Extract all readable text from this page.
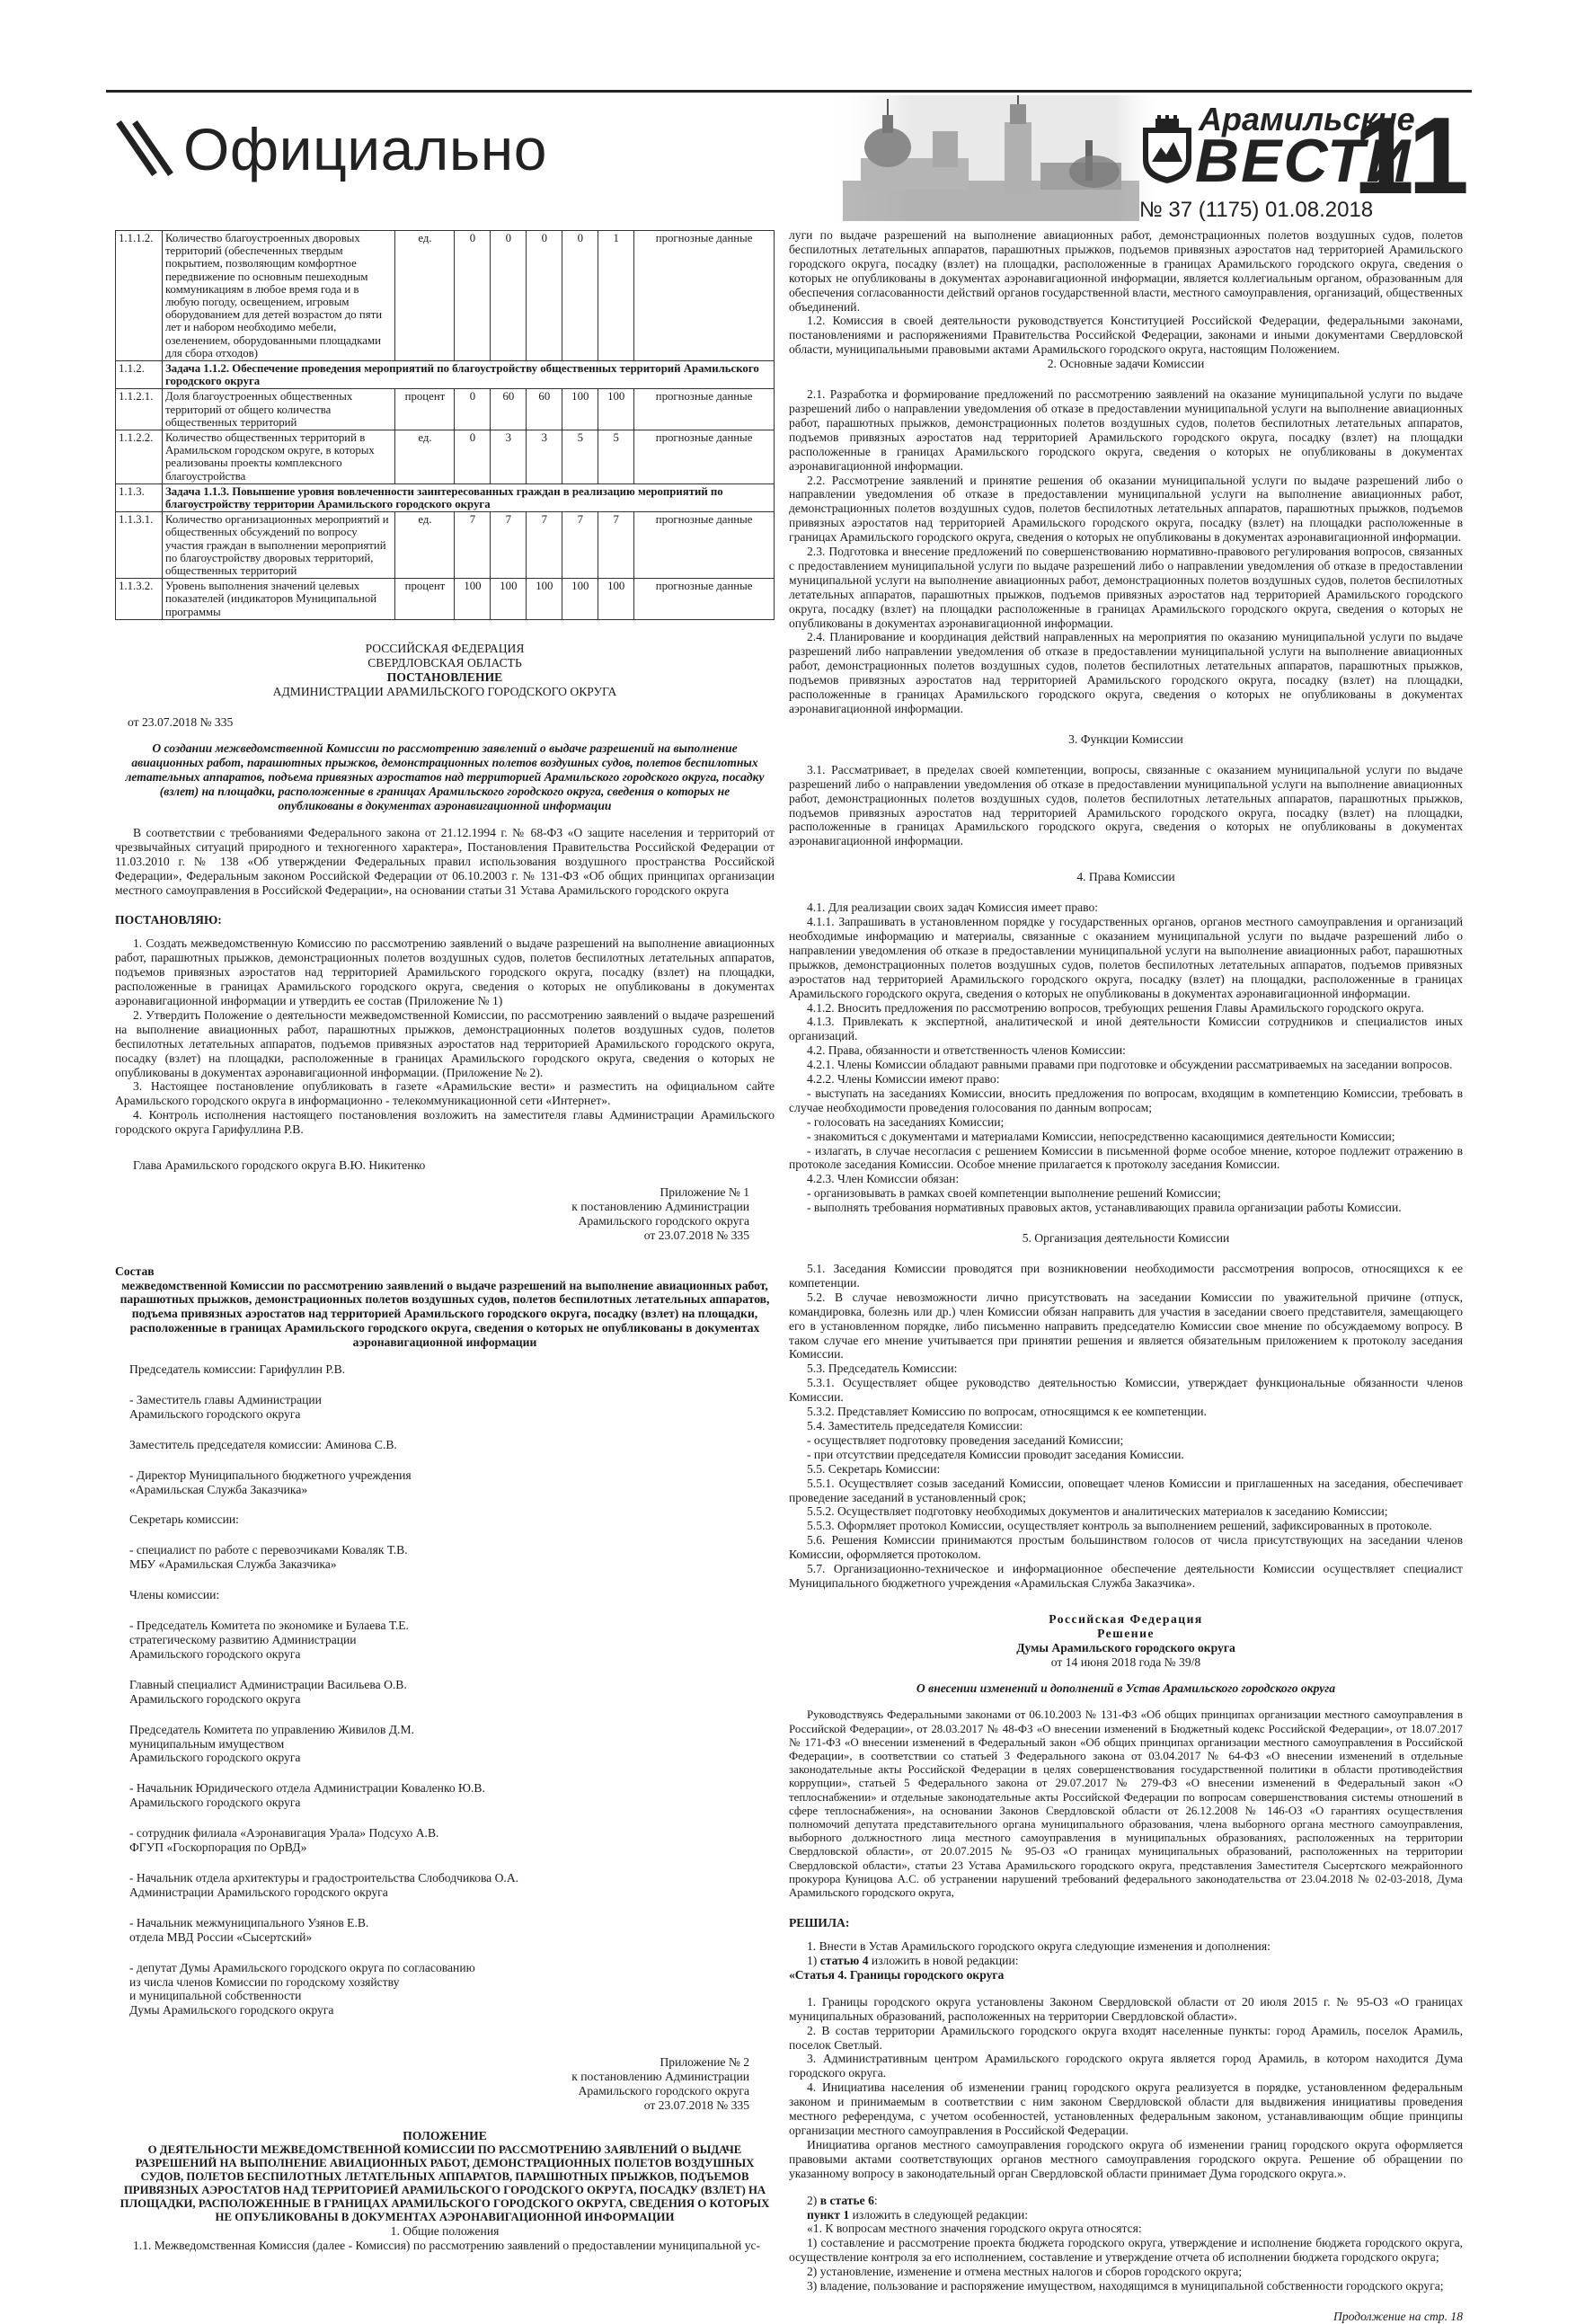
Официально	Арамильские
ВЕСТИ
№ 37 (1175) 01.08.2018
11
1.1.1.2.	Количество благоустроенных дворовых территорий (обеспеченных твердым покрытием, позволяющим комфортное передвижение по основным пешеходным коммуникациям в любое время года и в любую погоду, освещением, игровым оборудованием для детей возрастом до пяти лет и набором необходимо мебели, озеленением, оборудованными площадками для сбора отходов)	ед.	0	0	0	0	1	прогнозные данные
1.1.2.	Задача 1.1.2. Обеспечение проведения мероприятий по благоустройству общественных территорий Арамильского городского округа							
1.1.2.1.	Доля благоустроенных общественных территорий от общего количества общественных территорий	процент	0	60	60	100	100	прогнозные данные
1.1.2.2.	Количество общественных территорий в Арамильском городском округе, в которых реализованы проекты комплексного благоустройства	ед.	0	3	3	5	5	прогнозные данные
1.1.3.	Задача 1.1.3. Повышение уровня вовлеченности заинтересованных граждан в реализацию мероприятий по благоустройству территории Арамильского городского округа							
1.1.3.1.	Количество организационных мероприятий и общественных обсуждений по вопросу участия граждан в выполнении мероприятий по благоустройству дворовых территорий, общественных территорий	ед.	7	7	7	7	7	прогнозные данные
1.1.3.2.	Уровень выполнения значений целевых показателей (индикаторов Муниципальной программы	процент	100	100	100	100	100	прогнозные данные

РОССИЙСКАЯ ФЕДЕРАЦИЯ

СВЕРДЛОВСКАЯ ОБЛАСТЬ

ПОСТАНОВЛЕНИЕ

АДМИНИСТРАЦИИ АРАМИЛЬСКОГО ГОРОДСКОГО ОКРУГА

от 23.07.2018 № 335

О создании межведомственной Комиссии по рассмотрению заявлений о выдаче разрешений на выполнение авиационных работ, парашютных прыжков, демонстрационных полетов воздушных судов, полетов беспилотных летательных аппаратов, подъема привязных аэростатов над территорией Арамильского городского округа, посадку (взлет) на площадки, расположенные в границах Арамильского городского округа, сведения о которых не опубликованы в документах аэронавигационной информации

В соответствии с требованиями Федерального закона от 21.12.1994 г. № 68-ФЗ «О защите населения и территорий от чрезвычайных ситуаций природного и техногенного характера», Постановления Правительства Российской Федерации от 11.03.2010 г. № 138 «Об утверждении Федеральных правил использования воздушного пространства Российской Федерации», Федеральным законом Российской Федерации от 06.10.2003 г. № 131-ФЗ «Об общих принципах организации местного самоуправления в Российской Федерации», на основании статьи 31 Устава Арамильского городского округа

ПОСТАНОВЛЯЮ:

1. Создать межведомственную Комиссию по рассмотрению заявлений о выдаче разрешений на выполнение авиационных работ, парашютных прыжков, демонстрационных полетов воздушных судов, полетов беспилотных летательных аппаратов, подъемов привязных аэростатов над территорией Арамильского городского округа, посадку (взлет) на площадки, расположенные в границах Арамильского городского округа, сведения о которых не опубликованы в документах аэронавигационной информации и утвердить ее состав (Приложение № 1)

2. Утвердить Положение о деятельности межведомственной Комиссии, по рассмотрению заявлений о выдаче разрешений на выполнение авиационных работ, парашютных прыжков, демонстрационных полетов воздушных судов, полетов беспилотных летательных аппаратов, подъемов привязных аэростатов над территорией Арамильского городского округа, посадку (взлет) на площадки, расположенные в границах Арамильского городского округа, сведения о которых не опубликованы в документах аэронавигационной информации. (Приложение № 2).

3. Настоящее постановление опубликовать в газете «Арамильские вести» и разместить на официальном сайте Арамильского городского округа в информационно - телекоммуникационной сети «Интернет».

4. Контроль исполнения настоящего постановления возложить на заместителя главы Администрации Арамильского городского округа Гарифуллина Р.В.

Глава Арамильского городского округа В.Ю. Никитенко

Приложение № 1

к постановлению Администрации

Арамильского городского округа

от 23.07.2018 № 335

Состав

межведомственной Комиссии по рассмотрению заявлений о выдаче разрешений на выполнение авиационных работ, парашютных прыжков, демонстрационных полетов воздушных судов, полетов беспилотных летательных аппаратов, подъема привязных аэростатов над территорией Арамильского городского округа, посадку (взлет) на площадки, расположенные в границах Арамильского городского округа, сведения о которых не опубликованы в документах аэронавигационной информации

Председатель комиссии: Гарифуллин Р.В.

- Заместитель главы Администрации

Арамильского городского округа

Заместитель председателя комиссии: Аминова С.В.

- Директор Муниципального бюджетного учреждения

«Арамильская Служба Заказчика»

Секретарь комиссии:

- специалист по работе с перевозчиками Коваляк Т.В.

МБУ «Арамильская Служба Заказчика»

Члены комиссии:

- Председатель Комитета по экономике и Булаева Т.Е.

стратегическому развитию Администрации

Арамильского городского округа

Главный специалист Администрации Васильева О.В.

Арамильского городского округа

Председатель Комитета по управлению Живилов Д.М.

муниципальным имуществом

Арамильского городского округа

- Начальник Юридического отдела Администрации Коваленко Ю.В.

Арамильского городского округа

- сотрудник филиала «Аэронавигация Урала» Подсухо А.В.

ФГУП «Госкорпорация по ОрВД»

- Начальник отдела архитектуры и градостроительства Слободчикова О.А.

Администрации Арамильского городского округа

- Начальник межмуниципального Узянов Е.В.

отдела МВД России «Сысертский»

- депутат Думы Арамильского городского округа по согласованию

из числа членов Комиссии по городскому хозяйству

и муниципальной собственности

Думы Арамильского городского округа

Приложение № 2

к постановлению Администрации

Арамильского городского округа

от 23.07.2018 № 335

ПОЛОЖЕНИЕ

О ДЕЯТЕЛЬНОСТИ МЕЖВЕДОМСТВЕННОЙ КОМИССИИ ПО РАССМОТРЕНИЮ ЗАЯВЛЕНИЙ О ВЫДАЧЕ РАЗРЕШЕНИЙ НА ВЫПОЛНЕНИЕ АВИАЦИОННЫХ РАБОТ, ДЕМОНСТРАЦИОННЫХ ПОЛЕТОВ ВОЗДУШНЫХ СУДОВ, ПОЛЕТОВ БЕСПИЛОТНЫХ ЛЕТАТЕЛЬНЫХ АППАРАТОВ, ПАРАШЮТНЫХ ПРЫЖКОВ, ПОДЪЕМОВ ПРИВЯЗНЫХ АЭРОСТАТОВ НАД ТЕРРИТОРИЕЙ АРАМИЛЬСКОГО ГОРОДСКОГО ОКРУГА, ПОСАДКУ (ВЗЛЕТ) НА ПЛОЩАДКИ, РАСПОЛОЖЕННЫЕ В ГРАНИЦАХ АРАМИЛЬСКОГО ГОРОДСКОГО ОКРУГА, СВЕДЕНИЯ О КОТОРЫХ НЕ ОПУБЛИКОВАНЫ В ДОКУМЕНТАХ АЭРОНАВИГАЦИОННОЙ ИНФОРМАЦИИ

1. Общие положения

1.1. Межведомственная Комиссия (далее - Комиссия) по рассмотрению заявлений о предоставлении муниципальной ус-

луги по выдаче разрешений на выполнение авиационных работ, демонстрационных полетов воздушных судов, полетов беспилотных летательных аппаратов, парашютных прыжков, подъемов привязных аэростатов над территорией Арамильского городского округа, посадку (взлет) на площадки, расположенные в границах Арамильского городского округа, сведения о которых не опубликованы в документах аэронавигационной информации, является коллегиальным органом, образованным для обеспечения согласованности действий органов государственной власти, местного самоуправления, организаций, общественных объединений.

1.2. Комиссия в своей деятельности руководствуется Конституцией Российской Федерации, федеральными законами, постановлениями и распоряжениями Правительства Российской Федерации, законами и иными документами Свердловской области, муниципальными правовыми актами Арамильского городского округа, настоящим Положением.

2. Основные задачи Комиссии

2.1. Разработка и формирование предложений по рассмотрению заявлений на оказание муниципальной услуги по выдаче разрешений либо о направлении уведомления об отказе в предоставлении муниципальной услуги на выполнение авиационных работ, парашютных прыжков, демонстрационных полетов воздушных судов, полетов беспилотных летательных аппаратов, подъемов привязных аэростатов над территорией Арамильского городского округа, посадку (взлет) на площадки расположенные в границах Арамильского городского округа, сведения о которых не опубликованы в документах аэронавигационной информации.

2.2. Рассмотрение заявлений и принятие решения об оказании муниципальной услуги по выдаче разрешений либо о направлении уведомления об отказе в предоставлении муниципальной услуги на выполнение авиационных работ, демонстрационных полетов воздушных судов, полетов беспилотных летательных аппаратов, парашютных прыжков, подъемов привязных аэростатов над территорией Арамильского городского округа, посадку (взлет) на площадки расположенные в границах Арамильского городского округа, сведения о которых не опубликованы в документах аэронавигационной информации.

2.3. Подготовка и внесение предложений по совершенствованию нормативно-правового регулирования вопросов, связанных с предоставлением муниципальной услуги по выдаче разрешений либо о направлении уведомления об отказе в предоставлении муниципальной услуги на выполнение авиационных работ, демонстрационных полетов воздушных судов, полетов беспилотных летательных аппаратов, парашютных прыжков, подъемов привязных аэростатов над территорией Арамильского городского округа, посадку (взлет) на площадки расположенные в границах Арамильского городского округа, сведения о которых не опубликованы в документах аэронавигационной информации.

2.4. Планирование и координация действий направленных на мероприятия по оказанию муниципальной услуги по выдаче разрешений либо направлении уведомления об отказе в предоставлении муниципальной услуги на выполнение авиационных работ, демонстрационных полетов воздушных судов, полетов беспилотных летательных аппаратов, парашютных прыжков, подъемов привязных аэростатов над территорией Арамильского городского округа, посадку (взлет) на площадки, расположенные в границах Арамильского городского округа, сведения о которых не опубликованы в документах аэронавигационной информации.

3. Функции Комиссии

3.1. Рассматривает, в пределах своей компетенции, вопросы, связанные с оказанием муниципальной услуги по выдаче разрешений либо о направлении уведомления об отказе в предоставлении муниципальной услуги на выполнение авиационных работ, демонстрационных полетов воздушных судов, полетов беспилотных летательных аппаратов, парашютных прыжков, подъемов привязных аэростатов над территорией Арамильского городского округа, посадку (взлет) на площадки, расположенные в границах Арамильского городского округа, сведения о которых не опубликованы в документах аэронавигационной информации.

4. Права Комиссии

4.1. Для реализации своих задач Комиссия имеет право:

4.1.1. Запрашивать в установленном порядке у государственных органов, органов местного самоуправления и организаций необходимые информацию и материалы, связанные с оказанием муниципальной услуги по выдаче разрешений либо о направлении уведомления об отказе в предоставлении муниципальной услуги на выполнение авиационных работ, парашютных прыжков, демонстрационных полетов воздушных судов, полетов беспилотных летательных аппаратов, подъемов привязных аэростатов над территорией Арамильского городского округа, посадку (взлет) на площадки, расположенные в границах Арамильского городского округа, сведения о которых не опубликованы в документах аэронавигационной информации.

4.1.2. Вносить предложения по рассмотрению вопросов, требующих решения Главы Арамильского городского округа.

4.1.3. Привлекать к экспертной, аналитической и иной деятельности Комиссии сотрудников и специалистов иных организаций.

4.2. Права, обязанности и ответственность членов Комиссии:

4.2.1. Члены Комиссии обладают равными правами при подготовке и обсуждении рассматриваемых на заседании вопросов.

4.2.2. Члены Комиссии имеют право:

- выступать на заседаниях Комиссии, вносить предложения по вопросам, входящим в компетенцию Комиссии, требовать в случае необходимости проведения голосования по данным вопросам;

- голосовать на заседаниях Комиссии;

- знакомиться с документами и материалами Комиссии, непосредственно касающимися деятельности Комиссии;

- излагать, в случае несогласия с решением Комиссии в письменной форме особое мнение, которое подлежит отражению в протоколе заседания Комиссии. Особое мнение прилагается к протоколу заседания Комиссии.

4.2.3. Член Комиссии обязан:

- организовывать в рамках своей компетенции выполнение решений Комиссии;

- выполнять требования нормативных правовых актов, устанавливающих правила организации работы Комиссии.

5. Организация деятельности Комиссии

5.1. Заседания Комиссии проводятся при возникновении необходимости рассмотрения вопросов, относящихся к ее компетенции.

5.2. В случае невозможности лично присутствовать на заседании Комиссии по уважительной причине (отпуск, командировка, болезнь или др.) член Комиссии обязан направить для участия в заседании своего представителя, замещающего его в установленном порядке, либо письменно направить председателю Комиссии свое мнение по обсуждаемому вопросу. В таком случае его мнение учитывается при принятии решения и является обязательным приложением к протоколу заседания Комиссии.

5.3. Председатель Комиссии:

5.3.1. Осуществляет общее руководство деятельностью Комиссии, утверждает функциональные обязанности членов Комиссии.

5.3.2. Представляет Комиссию по вопросам, относящимся к ее компетенции.

5.4. Заместитель председателя Комиссии:

- осуществляет подготовку проведения заседаний Комиссии;

- при отсутствии председателя Комиссии проводит заседания Комиссии.

5.5. Секретарь Комиссии:

5.5.1. Осуществляет созыв заседаний Комиссии, оповещает членов Комиссии и приглашенных на заседания, обеспечивает проведение заседаний в установленный срок;

5.5.2. Осуществляет подготовку необходимых документов и аналитических материалов к заседанию Комиссии;

5.5.3. Оформляет протокол Комиссии, осуществляет контроль за выполнением решений, зафиксированных в протоколе.

5.6. Решения Комиссии принимаются простым большинством голосов от числа присутствующих на заседании членов Комиссии, оформляется протоколом.

5.7. Организационно-техническое и информационное обеспечение деятельности Комиссии осуществляет специалист Муниципального бюджетного учреждения «Арамильская Служба Заказчика».

Российская Федерация

Решение

Думы Арамильского городского округа

от 14 июня 2018 года № 39/8

О внесении изменений и дополнений в Устав Арамильского городского округа

Руководствуясь Федеральными законами от 06.10.2003 № 131-ФЗ «Об общих принципах организации местного самоуправления в Российской Федерации», от 28.03.2017 № 48-ФЗ «О внесении изменений в Бюджетный кодекс Российской Федерации», от 18.07.2017 № 171-ФЗ «О внесении изменений в Федеральный закон «Об общих принципах организации местного самоуправления в Российской Федерации», в соответствии со статьей 3 Федерального закона от 03.04.2017 № 64-ФЗ «О внесении изменений в отдельные законодательные акты Российской Федерации в целях совершенствования государственной политики в области противодействия коррупции», статьей 5 Федерального закона от 29.07.2017 № 279-ФЗ «О внесении изменений в Федеральный закон «О теплоснабжении» и отдельные законодательные акты Российской Федерации по вопросам совершенствования системы отношений в сфере теплоснабжения», на основании Законов Свердловской области от 26.12.2008 № 146-ОЗ «О гарантиях осуществления полномочий депутата представительного органа муниципального образования, члена выборного органа местного самоуправления, выборного должностного лица местного самоуправления в муниципальных образованиях, расположенных на территории Свердловской области», от 20.07.2015 № 95-ОЗ «О границах муниципальных образований, расположенных на территории Свердловской области», статьи 23 Устава Арамильского городского округа, представления Заместителя Сысертского межрайонного прокурора Куницова А.С. об устранении нарушений требований федерального законодательства от 23.04.2018 № 02-03-2018, Дума Арамильского городского округа,

РЕШИЛА:

1. Внести в Устав Арамильского городского округа следующие изменения и дополнения:

1) статью 4 изложить в новой редакции:

«Статья 4. Границы городского округа

1. Границы городского округа установлены Законом Свердловской области от 20 июля 2015 г. № 95-ОЗ «О границах муниципальных образований, расположенных на территории Свердловской области».

2. В состав территории Арамильского городского округа входят населенные пункты: город Арамиль, поселок Арамиль, поселок Светлый.

3. Административным центром Арамильского городского округа является город Арамиль, в котором находится Дума городского округа.

4. Инициатива населения об изменении границ городского округа реализуется в порядке, установленном федеральным законом и принимаемым в соответствии с ним законом Свердловской области для выдвижения инициативы проведения местного референдума, с учетом особенностей, установленных федеральным законом, устанавливающим общие принципы организации местного самоуправления в Российской Федерации.

Инициатива органов местного самоуправления городского округа об изменении границ городского округа оформляется правовыми актами соответствующих органов местного самоуправления городского округа. Решение об обращении по указанному вопросу в законодательный орган Свердловской области принимает Дума городского округа.».

2) в статье 6:

пункт 1 изложить в следующей редакции:

«1. К вопросам местного значения городского округа относятся:

1) составление и рассмотрение проекта бюджета городского округа, утверждение и исполнение бюджета городского округа, осуществление контроля за его исполнением, составление и утверждение отчета об исполнении бюджета городского округа;

2) установление, изменение и отмена местных налогов и сборов городского округа;

3) владение, пользование и распоряжение имуществом, находящимся в муниципальной собственности городского округа;

Продолжение на стр. 18
